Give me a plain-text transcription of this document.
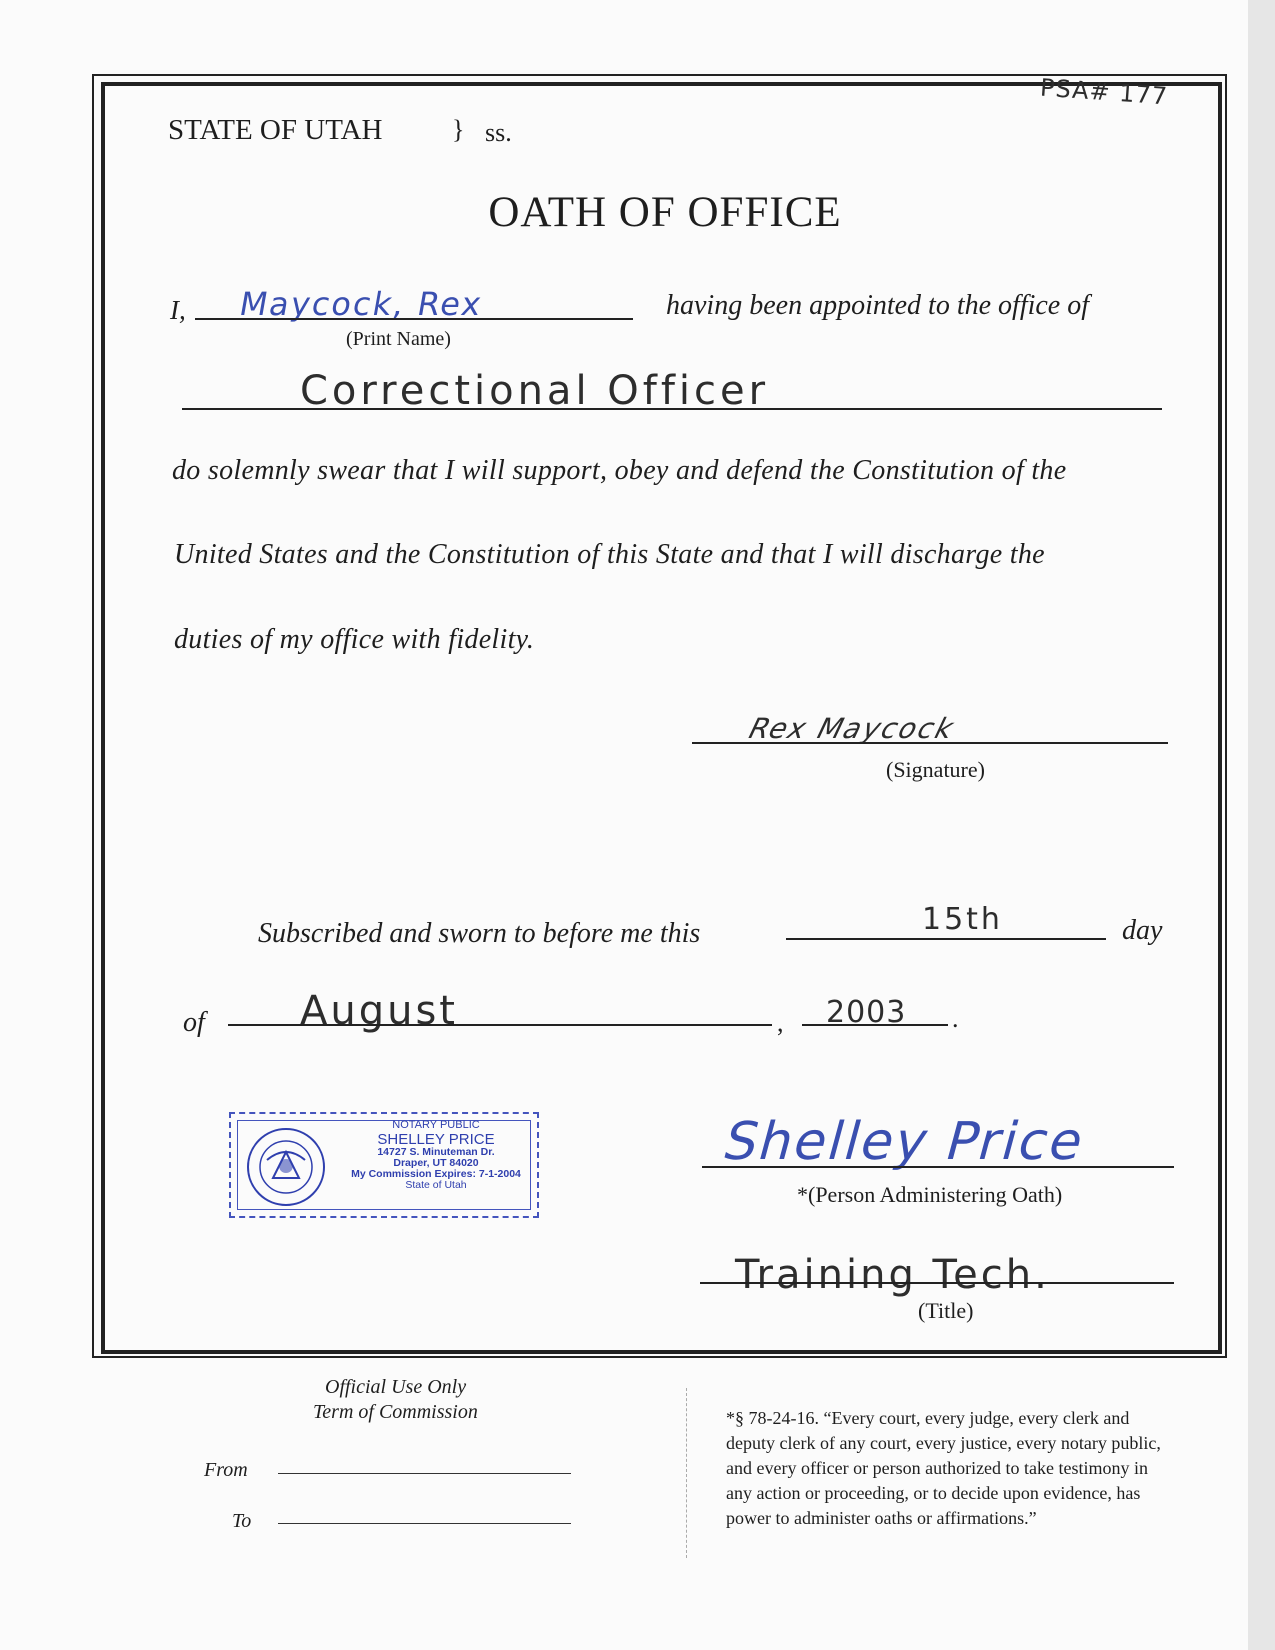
PSA# 177
STATE OF UTAH	} ss.
OATH OF OFFICE
I, Maycock, Rex
(Print Name)
having been appointed to the office of
Correctional Officer
do solemnly swear that I will support, obey and defend the Constitution of the
United States and the Constitution of this State and that I will discharge the
duties of my office with fidelity.
Rex Maycock
(Signature)
Subscribed and sworn to before me this	15th	day
of August	, 2003 .
NOTARY PUBLIC
SHELLEY PRICE
14727 S. Minuteman Dr.
Draper, UT 84020
My Commission Expires: 7-1-2004
State of Utah
Shelley Price
*(Person Administering Oath)
Training Tech.
(Title)
Official Use Only
Term of Commission
From
To
*§ 78-24-16. “Every court, every judge, every clerk and
deputy clerk of any court, every justice, every notary public,
and every officer or person authorized to take testimony in
any action or proceeding, or to decide upon evidence, has
power to administer oaths or affirmations.”
